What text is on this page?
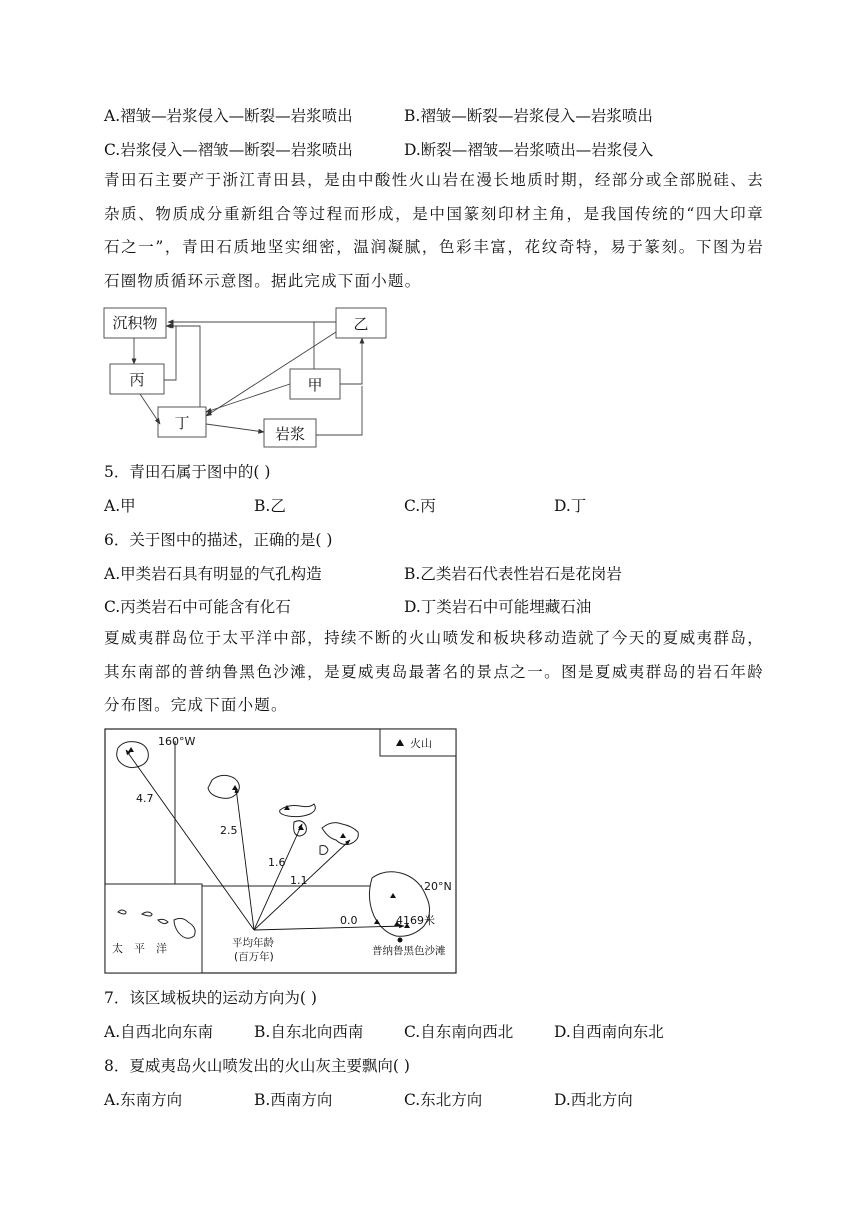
A.褶皱—岩浆侵入—断裂—岩浆喷出	B.褶皱—断裂—岩浆侵入—岩浆喷出
C.岩浆侵入—褶皱—断裂—岩浆喷出	D.断裂—褶皱—岩浆喷出—岩浆侵入
青田石主要产于浙江青田县，是由中酸性火山岩在漫长地质时期，经部分或全部脱硅、去杂质、物质成分重新组合等过程而形成，是中国篆刻印材主角，是我国传统的“四大印章石之一”，青田石质地坚实细密，温润凝腻，色彩丰富，花纹奇特，易于篆刻。下图为岩石圈物质循环示意图。据此完成下面小题。
沉积物	乙
丙	甲
丁
岩浆
5．青田石属于图中的( )
A.甲	B.乙	C.丙	D.丁
6．关于图中的描述，正确的是( )
A.甲类岩石具有明显的气孔构造	B.乙类岩石代表性岩石是花岗岩
C.丙类岩石中可能含有化石	D.丁类岩石中可能埋藏石油
夏威夷群岛位于太平洋中部，持续不断的火山喷发和板块移动造就了今天的夏威夷群岛，其东南部的普纳鲁黑色沙滩，是夏威夷岛最著名的景点之一。图是夏威夷群岛的岩石年龄分布图。完成下面小题。
160°W
20°N
火山
4.7
2.5
1.6
1.1
0.0	4169米
普纳鲁黑色沙滩
平均年龄
(百万年)
太　平　洋
7．该区域板块的运动方向为( )
A.自西北向东南	B.自东北向西南	C.自东南向西北	D.自西南向东北
8．夏威夷岛火山喷发出的火山灰主要飘向( )
A.东南方向	B.西南方向	C.东北方向	D.西北方向
